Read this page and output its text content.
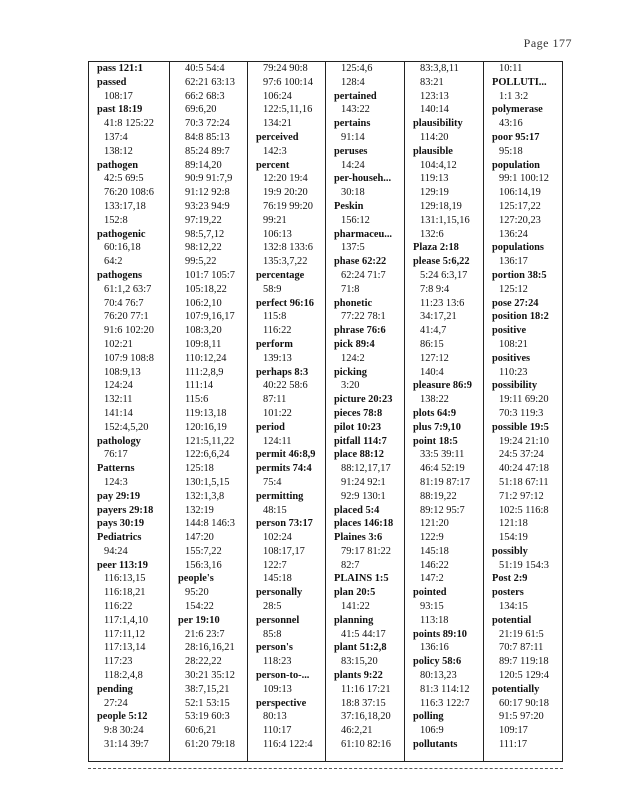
Page 177
pass 121:1
passed
108:17
past 18:19
41:8 125:22
137:4
138:12
pathogen
42:5 69:5
76:20 108:6
133:17,18
152:8
pathogenic
60:16,18
64:2
pathogens
61:1,2 63:7
70:4 76:7
76:20 77:1
91:6 102:20
102:21
107:9 108:8
108:9,13
124:24
132:11
141:14
152:4,5,20
pathology
76:17
Patterns
124:3
pay 29:19
payers 29:18
pays 30:19
Pediatrics
94:24
peer 113:19
116:13,15
116:18,21
116:22
117:1,4,10
117:11,12
117:13,14
117:23
118:2,4,8
pending
27:24
people 5:12
9:8 30:24
31:14 39:7
40:5 54:4
62:21 63:13
66:2 68:3
69:6,20
70:3 72:24
84:8 85:13
85:24 89:7
89:14,20
90:9 91:7,9
91:12 92:8
93:23 94:9
97:19,22
98:5,7,12
98:12,22
99:5,22
101:7 105:7
105:18,22
106:2,10
107:9,16,17
108:3,20
109:8,11
110:12,24
111:2,8,9
111:14
115:6
119:13,18
120:16,19
121:5,11,22
122:6,6,24
125:18
130:1,5,15
132:1,3,8
132:19
144:8 146:3
147:20
155:7,22
156:3,16
people's
95:20
154:22
per 19:10
21:6 23:7
28:16,16,21
28:22,22
30:21 35:12
38:7,15,21
52:1 53:15
53:19 60:3
60:6,21
61:20 79:18
79:24 90:8
97:6 100:14
106:24
122:5,11,16
134:21
perceived
142:3
percent
12:20 19:4
19:9 20:20
76:19 99:20
99:21
106:13
132:8 133:6
135:3,7,22
percentage
58:9
perfect 96:16
115:8
116:22
perform
139:13
perhaps 8:3
40:22 58:6
87:11
101:22
period
124:11
permit 46:8,9
permits 74:4
75:4
permitting
48:15
person 73:17
102:24
108:17,17
122:7
145:18
personally
28:5
personnel
85:8
person's
118:23
person-to-...
109:13
perspective
80:13
110:17
116:4 122:4
125:4,6
128:4
pertained
143:22
pertains
91:14
peruses
14:24
per-househ...
30:18
Peskin
156:12
pharmaceu...
137:5
phase 62:22
62:24 71:7
71:8
phonetic
77:22 78:1
phrase 76:6
pick 89:4
124:2
picking
3:20
picture 20:23
pieces 78:8
pilot 10:23
pitfall 114:7
place 88:12
88:12,17,17
91:24 92:1
92:9 130:1
placed 5:4
places 146:18
Plaines 3:6
79:17 81:22
82:7
PLAINS 1:5
plan 20:5
141:22
planning
41:5 44:17
plant 51:2,8
83:15,20
plants 9:22
11:16 17:21
18:8 37:15
37:16,18,20
46:2,21
61:10 82:16
83:3,8,11
83:21
123:13
140:14
plausibility
114:20
plausible
104:4,12
119:13
129:19
129:18,19
131:1,15,16
132:6
Plaza 2:18
please 5:6,22
5:24 6:3,17
7:8 9:4
11:23 13:6
34:17,21
41:4,7
86:15
127:12
140:4
pleasure 86:9
138:22
plots 64:9
plus 7:9,10
point 18:5
33:5 39:11
46:4 52:19
81:19 87:17
88:19,22
89:12 95:7
121:20
122:9
145:18
146:22
147:2
pointed
93:15
113:18
points 89:10
136:16
policy 58:6
80:13,23
81:3 114:12
116:3 122:7
polling
106:9
pollutants
10:11
POLLUTI...
1:1 3:2
polymerase
43:16
poor 95:17
95:18
population
99:1 100:12
106:14,19
125:17,22
127:20,23
136:24
populations
136:17
portion 38:5
125:12
pose 27:24
position 18:2
positive
108:21
positives
110:23
possibility
19:11 69:20
70:3 119:3
possible 19:5
19:24 21:10
24:5 37:24
40:24 47:18
51:18 67:11
71:2 97:12
102:5 116:8
121:18
154:19
possibly
51:19 154:3
Post 2:9
posters
134:15
potential
21:19 61:5
70:7 87:11
89:7 119:18
120:5 129:4
potentially
60:17 90:18
91:5 97:20
109:17
111:17
